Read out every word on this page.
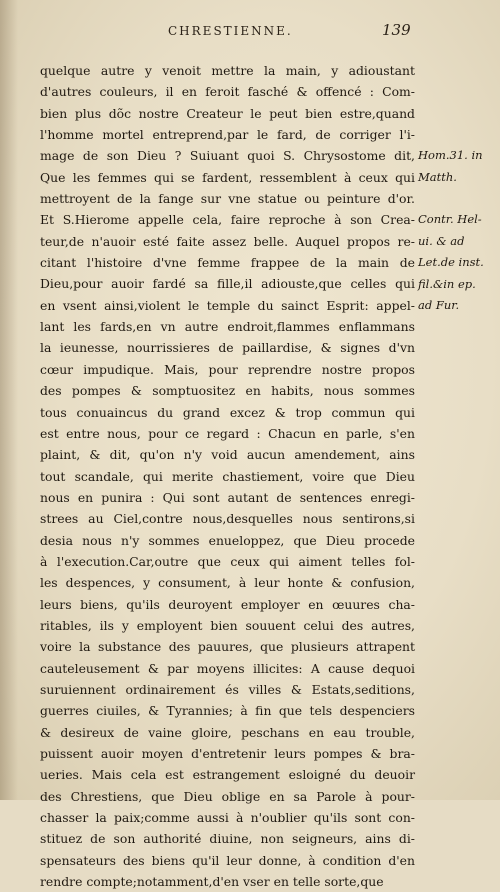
CHRESTIENNE.	139
quelque autre y venoit mettre la main, y adioustant
d'autres couleurs, il en feroit fasché & offencé : Com-
bien plus dõc nostre Createur le peut bien estre,quand
l'homme mortel entreprend,par le fard, de corriger l'i-
mage de son Dieu ? Suiuant quoi S. Chrysostome dit,
Que les femmes qui se fardent, ressemblent à ceux qui
mettroyent de la fange sur vne statue ou peinture d'or.
Et S.Hierome appelle cela, faire reproche à son Crea-
teur,de n'auoir esté faite assez belle. Auquel propos re-
citant l'histoire d'vne femme frappee de la main de
Dieu,pour auoir fardé sa fille,il adiouste,que celles qui
en vsent ainsi,violent le temple du sainct Esprit: appel-
lant les fards,en vn autre endroit,flammes enflammans
la ieunesse, nourrissieres de paillardise, & signes d'vn
cœur impudique. Mais, pour reprendre nostre propos
des pompes & somptuositez en habits, nous sommes
tous conuaincus du grand excez & trop commun qui
est entre nous, pour ce regard : Chacun en parle, s'en
plaint, & dit, qu'on n'y void aucun amendement, ains
tout scandale, qui merite chastiement, voire que Dieu
nous en punira : Qui sont autant de sentences enregi-
strees au Ciel,contre nous,desquelles nous sentirons,si
desia nous n'y sommes enueloppez, que Dieu procede
à l'execution.Car,outre que ceux qui aiment telles fol-
les despences, y consument, à leur honte & confusion,
leurs biens, qu'ils deuroyent employer en œuures cha-
ritables, ils y employent bien souuent celui des autres,
voire la substance des pauures, que plusieurs attrapent
cauteleusement & par moyens illicites: A cause dequoi
suruiennent ordinairement és villes & Estats,seditions,
guerres ciuiles, & Tyrannies; à fin que tels despenciers
& desireux de vaine gloire, peschans en eau trouble,
puissent auoir moyen d'entretenir leurs pompes & bra-
ueries. Mais cela est estrangement esloigné du deuoir
des Chrestiens, que Dieu oblige en sa Parole à pour-
chasser la paix;comme aussi à n'oublier qu'ils sont con-
stituez de son authorité diuine, non seigneurs, ains di-
spensateurs des biens qu'il leur donne, à condition d'en
rendre compte;notamment,d'en vser en telle sorte,que
Hom.31. in
Matth.
Contr. Hel-
ui. & ad
Let.de inst.
fil.&in ep.
ad Fur.
